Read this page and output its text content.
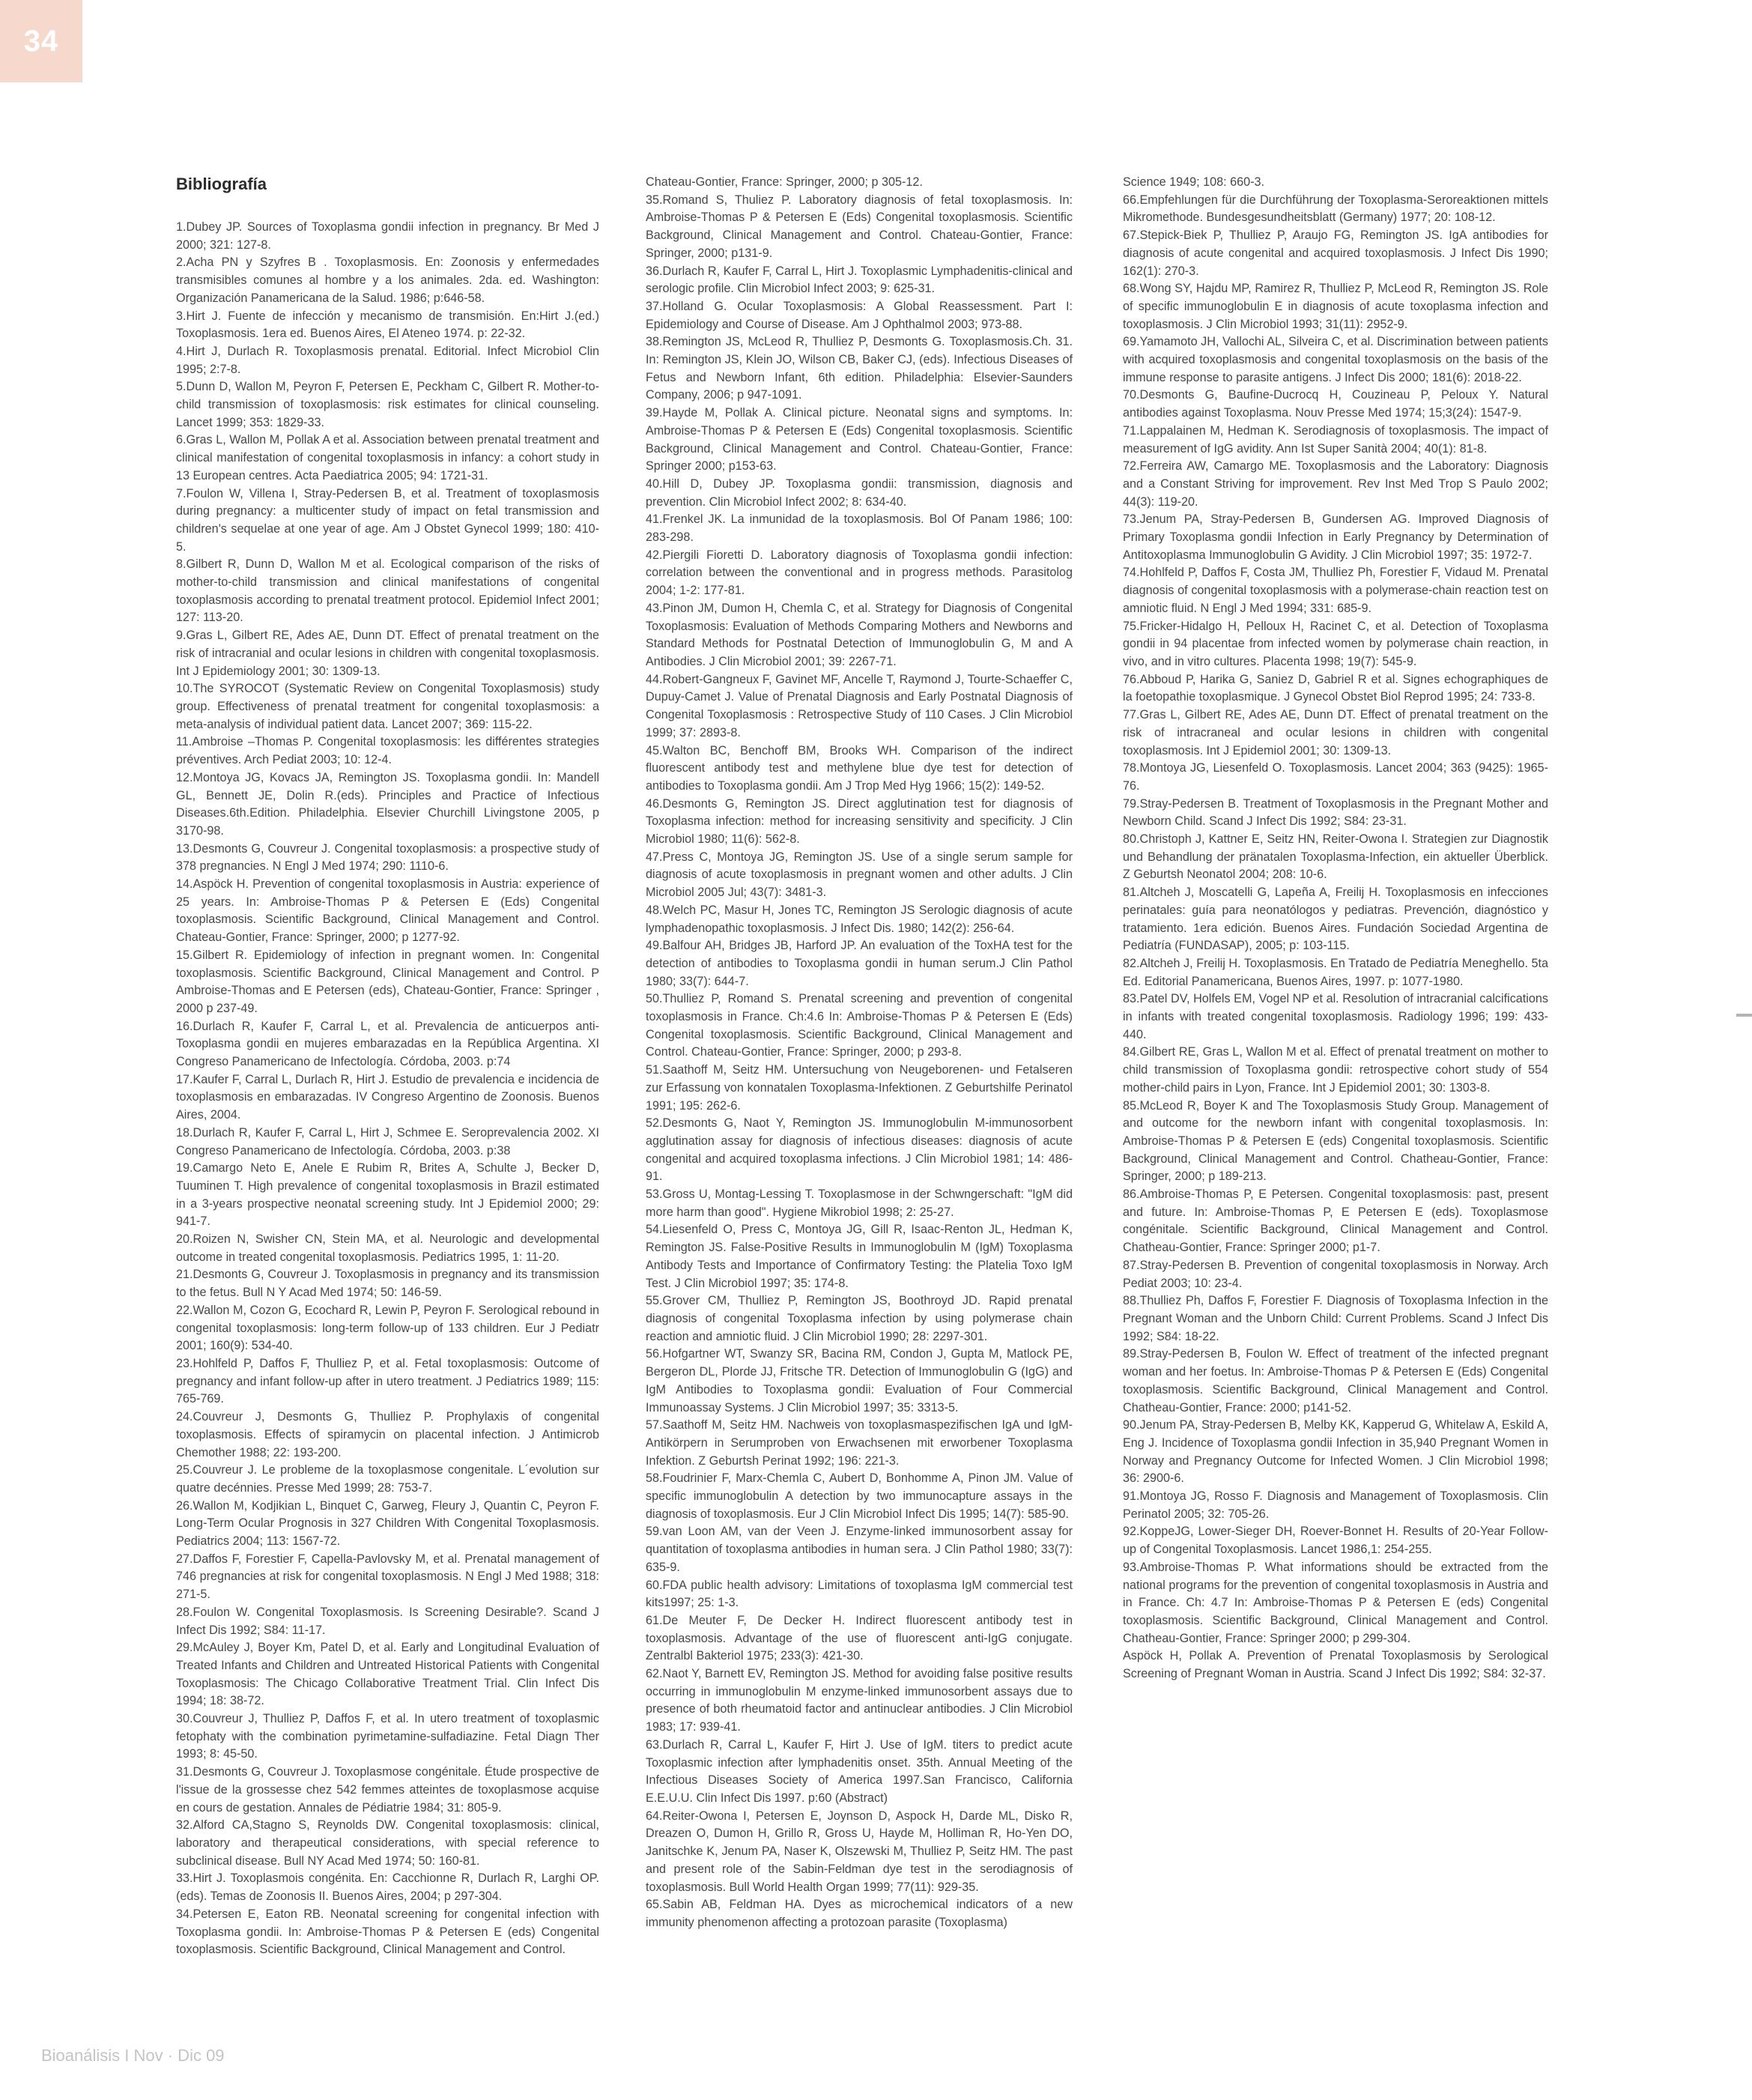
34
Bibliografía
1.Dubey JP. Sources of Toxoplasma gondii infection in pregnancy. Br Med J 2000; 321: 127-8.
2.Acha PN y Szyfres B . Toxoplasmosis. En: Zoonosis y enfermedades transmisibles comunes al hombre y a los animales. 2da. ed. Washington: Organización Panamericana de la Salud. 1986; p:646-58.
3.Hirt J. Fuente de infección y mecanismo de transmisión. En:Hirt J.(ed.) Toxoplasmosis. 1era ed. Buenos Aires, El Ateneo 1974. p: 22-32.
4.Hirt J, Durlach R. Toxoplasmosis prenatal. Editorial. Infect Microbiol Clin 1995; 2:7-8.
5.Dunn D, Wallon M, Peyron F, Petersen E, Peckham C, Gilbert R. Mother-to-child transmission of toxoplasmosis: risk estimates for clinical counseling. Lancet 1999; 353: 1829-33.
6.Gras L, Wallon M, Pollak A et al. Association between prenatal treatment and clinical manifestation of congenital toxoplasmosis in infancy: a cohort study in 13 European centres. Acta Paediatrica 2005; 94: 1721-31.
7.Foulon W, Villena I, Stray-Pedersen B, et al. Treatment of toxoplasmosis during pregnancy: a multicenter study of impact on fetal transmission and children's sequelae at one year of age. Am J Obstet Gynecol 1999; 180: 410-5.
8.Gilbert R, Dunn D, Wallon M et al. Ecological comparison of the risks of mother-to-child transmission and clinical manifestations of congenital toxoplasmosis according to prenatal treatment protocol. Epidemiol Infect 2001; 127: 113-20.
9.Gras L, Gilbert RE, Ades AE, Dunn DT. Effect of prenatal treatment on the risk of intracranial and ocular lesions in children with congenital toxoplasmosis. Int J Epidemiology 2001; 30: 1309-13.
10.The SYROCOT (Systematic Review on Congenital Toxoplasmosis) study group. Effectiveness of prenatal treatment for congenital toxoplasmosis: a meta-analysis of individual patient data. Lancet 2007; 369: 115-22.
11.Ambroise –Thomas P. Congenital toxoplasmosis: les différentes strategies préventives. Arch Pediat 2003; 10: 12-4.
12.Montoya JG, Kovacs JA, Remington JS. Toxoplasma gondii. In: Mandell GL, Bennett JE, Dolin R.(eds). Principles and Practice of Infectious Diseases.6th.Edition. Philadelphia. Elsevier Churchill Livingstone 2005, p 3170-98.
13.Desmonts G, Couvreur J. Congenital toxoplasmosis: a prospective study of 378 pregnancies. N Engl J Med 1974; 290: 1110-6.
14.Aspöck H. Prevention of congenital toxoplasmosis in Austria: experience of 25 years. In: Ambroise-Thomas P & Petersen E (Eds) Congenital toxoplasmosis. Scientific Background, Clinical Management and Control. Chateau-Gontier, France: Springer, 2000; p 1277-92.
15.Gilbert R. Epidemiology of infection in pregnant women. In: Congenital toxoplasmosis. Scientific Background, Clinical Management and Control. P Ambroise-Thomas and E Petersen (eds), Chateau-Gontier, France: Springer , 2000 p 237-49.
16.Durlach R, Kaufer F, Carral L, et al. Prevalencia de anticuerpos anti-Toxoplasma gondii en mujeres embarazadas en la República Argentina. XI Congreso Panamericano de Infectología. Córdoba, 2003. p:74
17.Kaufer F, Carral L, Durlach R, Hirt J. Estudio de prevalencia e incidencia de toxoplasmosis en embarazadas. IV Congreso Argentino de Zoonosis. Buenos Aires, 2004.
18.Durlach R, Kaufer F, Carral L, Hirt J, Schmee E. Seroprevalencia 2002. XI Congreso Panamericano de Infectología. Córdoba, 2003. p:38
19.Camargo Neto E, Anele E Rubim R, Brites A, Schulte J, Becker D, Tuuminen T. High prevalence of congenital toxoplasmosis in Brazil estimated in a 3-years prospective neonatal screening study. Int J Epidemiol 2000; 29: 941-7.
20.Roizen N, Swisher CN, Stein MA, et al. Neurologic and developmental outcome in treated congenital toxoplasmosis. Pediatrics 1995, 1: 11-20.
21.Desmonts G, Couvreur J. Toxoplasmosis in pregnancy and its transmission to the fetus. Bull N Y Acad Med 1974; 50: 146-59.
22.Wallon M, Cozon G, Ecochard R, Lewin P, Peyron F. Serological rebound in congenital toxoplasmosis: long-term follow-up of 133 children. Eur J Pediatr 2001; 160(9): 534-40.
23.Hohlfeld P, Daffos F, Thulliez P, et al. Fetal toxoplasmosis: Outcome of pregnancy and infant follow-up after in utero treatment. J Pediatrics 1989; 115: 765-769.
24.Couvreur J, Desmonts G, Thulliez P. Prophylaxis of congenital toxoplasmosis. Effects of spiramycin on placental infection. J Antimicrob Chemother 1988; 22: 193-200.
25.Couvreur J. Le probleme de la toxoplasmose congenitale. L´evolution sur quatre decénnies. Presse Med 1999; 28: 753-7.
26.Wallon M, Kodjikian L, Binquet C, Garweg, Fleury J, Quantin C, Peyron F. Long-Term Ocular Prognosis in 327 Children With Congenital Toxoplasmosis. Pediatrics 2004; 113: 1567-72.
27.Daffos F, Forestier F, Capella-Pavlovsky M, et al. Prenatal management of 746 pregnancies at risk for congenital toxoplasmosis. N Engl J Med 1988; 318: 271-5.
28.Foulon W. Congenital Toxoplasmosis. Is Screening Desirable?. Scand J Infect Dis 1992; S84: 11-17.
29.McAuley J, Boyer Km, Patel D, et al. Early and Longitudinal Evaluation of Treated Infants and Children and Untreated Historical Patients with Congenital Toxoplasmosis: The Chicago Collaborative Treatment Trial. Clin Infect Dis 1994; 18: 38-72.
30.Couvreur J, Thulliez P, Daffos F, et al. In utero treatment of toxoplasmic fetophaty with the combination pyrimetamine-sulfadiazine. Fetal Diagn Ther 1993; 8: 45-50.
31.Desmonts G, Couvreur J. Toxoplasmose congénitale. Étude prospective de l'issue de la grossesse chez 542 femmes atteintes de toxoplasmose acquise en cours de gestation. Annales de Pédiatrie 1984; 31: 805-9.
32.Alford CA,Stagno S, Reynolds DW. Congenital toxoplasmosis: clinical, laboratory and therapeutical considerations, with special reference to subclinical disease. Bull NY Acad Med 1974; 50: 160-81.
33.Hirt J. Toxoplasmois congénita. En: Cacchionne R, Durlach R, Larghi OP. (eds). Temas de Zoonosis II. Buenos Aires, 2004; p 297-304.
34.Petersen E, Eaton RB. Neonatal screening for congenital infection with Toxoplasma gondii. In: Ambroise-Thomas P & Petersen E (eds) Congenital toxoplasmosis. Scientific Background, Clinical Management and Control.
Chateau-Gontier, France: Springer, 2000; p 305-12.
35.Romand S, Thuliez P. Laboratory diagnosis of fetal toxoplasmosis. In: Ambroise-Thomas P & Petersen E (Eds) Congenital toxoplasmosis. Scientific Background, Clinical Management and Control. Chateau-Gontier, France: Springer, 2000; p131-9.
36.Durlach R, Kaufer F, Carral L, Hirt J. Toxoplasmic Lymphadenitis-clinical and serologic profile. Clin Microbiol Infect 2003; 9: 625-31.
37.Holland G. Ocular Toxoplasmosis: A Global Reassessment. Part I: Epidemiology and Course of Disease. Am J Ophthalmol 2003; 973-88.
38.Remington JS, McLeod R, Thulliez P, Desmonts G. Toxoplasmosis.Ch. 31. In: Remington JS, Klein JO, Wilson CB, Baker CJ, (eds). Infectious Diseases of Fetus and Newborn Infant, 6th edition. Philadelphia: Elsevier-Saunders Company, 2006; p 947-1091.
39.Hayde M, Pollak A. Clinical picture. Neonatal signs and symptoms. In: Ambroise-Thomas P & Petersen E (Eds) Congenital toxoplasmosis. Scientific Background, Clinical Management and Control. Chateau-Gontier, France: Springer 2000; p153-63.
40.Hill D, Dubey JP. Toxoplasma gondii: transmission, diagnosis and prevention. Clin Microbiol Infect 2002; 8: 634-40.
41.Frenkel JK. La inmunidad de la toxoplasmosis. Bol Of Panam 1986; 100: 283-298.
42.Piergili Fioretti D. Laboratory diagnosis of Toxoplasma gondii infection: correlation between the conventional and in progress methods. Parasitolog 2004; 1-2: 177-81.
43.Pinon JM, Dumon H, Chemla C, et al. Strategy for Diagnosis of Congenital Toxoplasmosis: Evaluation of Methods Comparing Mothers and Newborns and Standard Methods for Postnatal Detection of Immunoglobulin G, M and A Antibodies. J Clin Microbiol 2001; 39: 2267-71.
44.Robert-Gangneux F, Gavinet MF, Ancelle T, Raymond J, Tourte-Schaeffer C, Dupuy-Camet J. Value of Prenatal Diagnosis and Early Postnatal Diagnosis of Congenital Toxoplasmosis : Retrospective Study of 110 Cases. J Clin Microbiol 1999; 37: 2893-8.
45.Walton BC, Benchoff BM, Brooks WH. Comparison of the indirect fluorescent antibody test and methylene blue dye test for detection of antibodies to Toxoplasma gondii. Am J Trop Med Hyg 1966; 15(2): 149-52.
46.Desmonts G, Remington JS. Direct agglutination test for diagnosis of Toxoplasma infection: method for increasing sensitivity and specificity. J Clin Microbiol 1980; 11(6): 562-8.
47.Press C, Montoya JG, Remington JS. Use of a single serum sample for diagnosis of acute toxoplasmosis in pregnant women and other adults. J Clin Microbiol 2005 Jul; 43(7): 3481-3.
48.Welch PC, Masur H, Jones TC, Remington JS Serologic diagnosis of acute lymphadenopathic toxoplasmosis. J Infect Dis. 1980; 142(2): 256-64.
49.Balfour AH, Bridges JB, Harford JP. An evaluation of the ToxHA test for the detection of antibodies to Toxoplasma gondii in human serum.J Clin Pathol 1980; 33(7): 644-7.
50.Thulliez P, Romand S. Prenatal screening and prevention of congenital toxoplasmosis in France. Ch:4.6 In: Ambroise-Thomas P & Petersen E (Eds) Congenital toxoplasmosis. Scientific Background, Clinical Management and Control. Chateau-Gontier, France: Springer, 2000; p 293-8.
51.Saathoff M, Seitz HM. Untersuchung von Neugeborenen- und Fetalseren zur Erfassung von konnatalen Toxoplasma-Infektionen. Z Geburtshilfe Perinatol 1991; 195: 262-6.
52.Desmonts G, Naot Y, Remington JS. Immunoglobulin M-immunosorbent agglutination assay for diagnosis of infectious diseases: diagnosis of acute congenital and acquired toxoplasma infections. J Clin Microbiol 1981; 14: 486-91.
53.Gross U, Montag-Lessing T. Toxoplasmose in der Schwngerschaft: "IgM did more harm than good". Hygiene Mikrobiol 1998; 2: 25-27.
54.Liesenfeld O, Press C, Montoya JG, Gill R, Isaac-Renton JL, Hedman K, Remington JS. False-Positive Results in Immunoglobulin M (IgM) Toxoplasma Antibody Tests and Importance of Confirmatory Testing: the Platelia Toxo IgM Test. J Clin Microbiol 1997; 35: 174-8.
55.Grover CM, Thulliez P, Remington JS, Boothroyd JD. Rapid prenatal diagnosis of congenital Toxoplasma infection by using polymerase chain reaction and amniotic fluid. J Clin Microbiol 1990; 28: 2297-301.
56.Hofgartner WT, Swanzy SR, Bacina RM, Condon J, Gupta M, Matlock PE, Bergeron DL, Plorde JJ, Fritsche TR. Detection of Immunoglobulin G (IgG) and IgM Antibodies to Toxoplasma gondii: Evaluation of Four Commercial Immunoassay Systems. J Clin Microbiol 1997; 35: 3313-5.
57.Saathoff M, Seitz HM. Nachweis von toxoplasmaspezifischen IgA und IgM-Antikörpern in Serumproben von Erwachsenen mit erworbener Toxoplasma Infektion. Z Geburtsh Perinat 1992; 196: 221-3.
58.Foudrinier F, Marx-Chemla C, Aubert D, Bonhomme A, Pinon JM. Value of specific immunoglobulin A detection by two immunocapture assays in the diagnosis of toxoplasmosis. Eur J Clin Microbiol Infect Dis 1995; 14(7): 585-90.
59.van Loon AM, van der Veen J. Enzyme-linked immunosorbent assay for quantitation of toxoplasma antibodies in human sera. J Clin Pathol 1980; 33(7): 635-9.
60.FDA public health advisory: Limitations of toxoplasma IgM commercial test kits1997; 25: 1-3.
61.De Meuter F, De Decker H. Indirect fluorescent antibody test in toxoplasmosis. Advantage of the use of fluorescent anti-IgG conjugate. Zentralbl Bakteriol 1975; 233(3): 421-30.
62.Naot Y, Barnett EV, Remington JS. Method for avoiding false positive results occurring in immunoglobulin M enzyme-linked immunosorbent assays due to presence of both rheumatoid factor and antinuclear antibodies. J Clin Microbiol 1983; 17: 939-41.
63.Durlach R, Carral L, Kaufer F, Hirt J. Use of IgM. titers to predict acute Toxoplasmic infection after lymphadenitis onset. 35th. Annual Meeting of the Infectious Diseases Society of America 1997.San Francisco, California E.E.U.U. Clin Infect Dis 1997. p:60 (Abstract)
64.Reiter-Owona I, Petersen E, Joynson D, Aspock H, Darde ML, Disko R, Dreazen O, Dumon H, Grillo R, Gross U, Hayde M, Holliman R, Ho-Yen DO, Janitschke K, Jenum PA, Naser K, Olszewski M, Thulliez P, Seitz HM. The past and present role of the Sabin-Feldman dye test in the serodiagnosis of toxoplasmosis. Bull World Health Organ 1999; 77(11): 929-35.
65.Sabin AB, Feldman HA. Dyes as microchemical indicators of a new immunity phenomenon affecting a protozoan parasite (Toxoplasma)
Science 1949; 108: 660-3.
66.Empfehlungen für die Durchführung der Toxoplasma-Seroreaktionen mittels Mikromethode. Bundesgesundheitsblatt (Germany) 1977; 20: 108-12.
67.Stepick-Biek P, Thulliez P, Araujo FG, Remington JS. IgA antibodies for diagnosis of acute congenital and acquired toxoplasmosis. J Infect Dis 1990; 162(1): 270-3.
68.Wong SY, Hajdu MP, Ramirez R, Thulliez P, McLeod R, Remington JS. Role of specific immunoglobulin E in diagnosis of acute toxoplasma infection and toxoplasmosis. J Clin Microbiol 1993; 31(11): 2952-9.
69.Yamamoto JH, Vallochi AL, Silveira C, et al. Discrimination between patients with acquired toxoplasmosis and congenital toxoplasmosis on the basis of the immune response to parasite antigens. J Infect Dis 2000; 181(6): 2018-22.
70.Desmonts G, Baufine-Ducrocq H, Couzineau P, Peloux Y. Natural antibodies against Toxoplasma. Nouv Presse Med 1974; 15;3(24): 1547-9.
71.Lappalainen M, Hedman K. Serodiagnosis of toxoplasmosis. The impact of measurement of IgG avidity. Ann Ist Super Sanità 2004; 40(1): 81-8.
72.Ferreira AW, Camargo ME. Toxoplasmosis and the Laboratory: Diagnosis and a Constant Striving for improvement. Rev Inst Med Trop S Paulo 2002; 44(3): 119-20.
73.Jenum PA, Stray-Pedersen B, Gundersen AG. Improved Diagnosis of Primary Toxoplasma gondii Infection in Early Pregnancy by Determination of Antitoxoplasma Immunoglobulin G Avidity. J Clin Microbiol 1997; 35: 1972-7.
74.Hohlfeld P, Daffos F, Costa JM, Thulliez Ph, Forestier F, Vidaud M. Prenatal diagnosis of congenital toxoplasmosis with a polymerase-chain reaction test on amniotic fluid. N Engl J Med 1994; 331: 685-9.
75.Fricker-Hidalgo H, Pelloux H, Racinet C, et al. Detection of Toxoplasma gondii in 94 placentae from infected women by polymerase chain reaction, in vivo, and in vitro cultures. Placenta 1998; 19(7): 545-9.
76.Abboud P, Harika G, Saniez D, Gabriel R et al. Signes echographiques de la foetopathie toxoplasmique. J Gynecol Obstet Biol Reprod 1995; 24: 733-8.
77.Gras L, Gilbert RE, Ades AE, Dunn DT. Effect of prenatal treatment on the risk of intracraneal and ocular lesions in children with congenital toxoplasmosis. Int J Epidemiol 2001; 30: 1309-13.
78.Montoya JG, Liesenfeld O. Toxoplasmosis. Lancet 2004; 363 (9425): 1965-76.
79.Stray-Pedersen B. Treatment of Toxoplasmosis in the Pregnant Mother and Newborn Child. Scand J Infect Dis 1992; S84: 23-31.
80.Christoph J, Kattner E, Seitz HN, Reiter-Owona I. Strategien zur Diagnostik und Behandlung der pränatalen Toxoplasma-Infection, ein aktueller Überblick. Z Geburtsh Neonatol 2004; 208: 10-6.
81.Altcheh J, Moscatelli G, Lapeña A, Freilij H. Toxoplasmosis en infecciones perinatales: guía para neonatólogos y pediatras. Prevención, diagnóstico y tratamiento. 1era edición. Buenos Aires. Fundación Sociedad Argentina de Pediatría (FUNDASAP), 2005; p: 103-115.
82.Altcheh J, Freilij H. Toxoplasmosis. En Tratado de Pediatría Meneghello. 5ta Ed. Editorial Panamericana, Buenos Aires, 1997. p: 1077-1980.
83.Patel DV, Holfels EM, Vogel NP et al. Resolution of intracranial calcifications in infants with treated congenital toxoplasmosis. Radiology 1996; 199: 433-440.
84.Gilbert RE, Gras L, Wallon M et al. Effect of prenatal treatment on mother to child transmission of Toxoplasma gondii: retrospective cohort study of 554 mother-child pairs in Lyon, France. Int J Epidemiol 2001; 30: 1303-8.
85.McLeod R, Boyer K and The Toxoplasmosis Study Group. Management of and outcome for the newborn infant with congenital toxoplasmosis. In: Ambroise-Thomas P & Petersen E (eds) Congenital toxoplasmosis. Scientific Background, Clinical Management and Control. Chatheau-Gontier, France: Springer, 2000; p 189-213.
86.Ambroise-Thomas P, E Petersen. Congenital toxoplasmosis: past, present and future. In: Ambroise-Thomas P, E Petersen E (eds). Toxoplasmose congénitale. Scientific Background, Clinical Management and Control. Chatheau-Gontier, France: Springer 2000; p1-7.
87.Stray-Pedersen B. Prevention of congenital toxoplasmosis in Norway. Arch Pediat 2003; 10: 23-4.
88.Thulliez Ph, Daffos F, Forestier F. Diagnosis of Toxoplasma Infection in the Pregnant Woman and the Unborn Child: Current Problems. Scand J Infect Dis 1992; S84: 18-22.
89.Stray-Pedersen B, Foulon W. Effect of treatment of the infected pregnant woman and her foetus. In: Ambroise-Thomas P & Petersen E (Eds) Congenital toxoplasmosis. Scientific Background, Clinical Management and Control. Chatheau-Gontier, France: 2000; p141-52.
90.Jenum PA, Stray-Pedersen B, Melby KK, Kapperud G, Whitelaw A, Eskild A, Eng J. Incidence of Toxoplasma gondii Infection in 35,940 Pregnant Women in Norway and Pregnancy Outcome for Infected Women. J Clin Microbiol 1998; 36: 2900-6.
91.Montoya JG, Rosso F. Diagnosis and Management of Toxoplasmosis. Clin Perinatol 2005; 32: 705-26.
92.KoppeJG, Lower-Sieger DH, Roever-Bonnet H. Results of 20-Year Follow-up of Congenital Toxoplasmosis. Lancet 1986,1: 254-255.
93.Ambroise-Thomas P. What informations should be extracted from the national programs for the prevention of congenital toxoplasmosis in Austria and in France. Ch: 4.7 In: Ambroise-Thomas P & Petersen E (eds) Congenital toxoplasmosis. Scientific Background, Clinical Management and Control. Chatheau-Gontier, France: Springer 2000; p 299-304.
Aspöck H, Pollak A. Prevention of Prenatal Toxoplasmosis by Serological Screening of Pregnant Woman in Austria. Scand J Infect Dis 1992; S84: 32-37.
Bioanálisis I Nov · Dic 09
